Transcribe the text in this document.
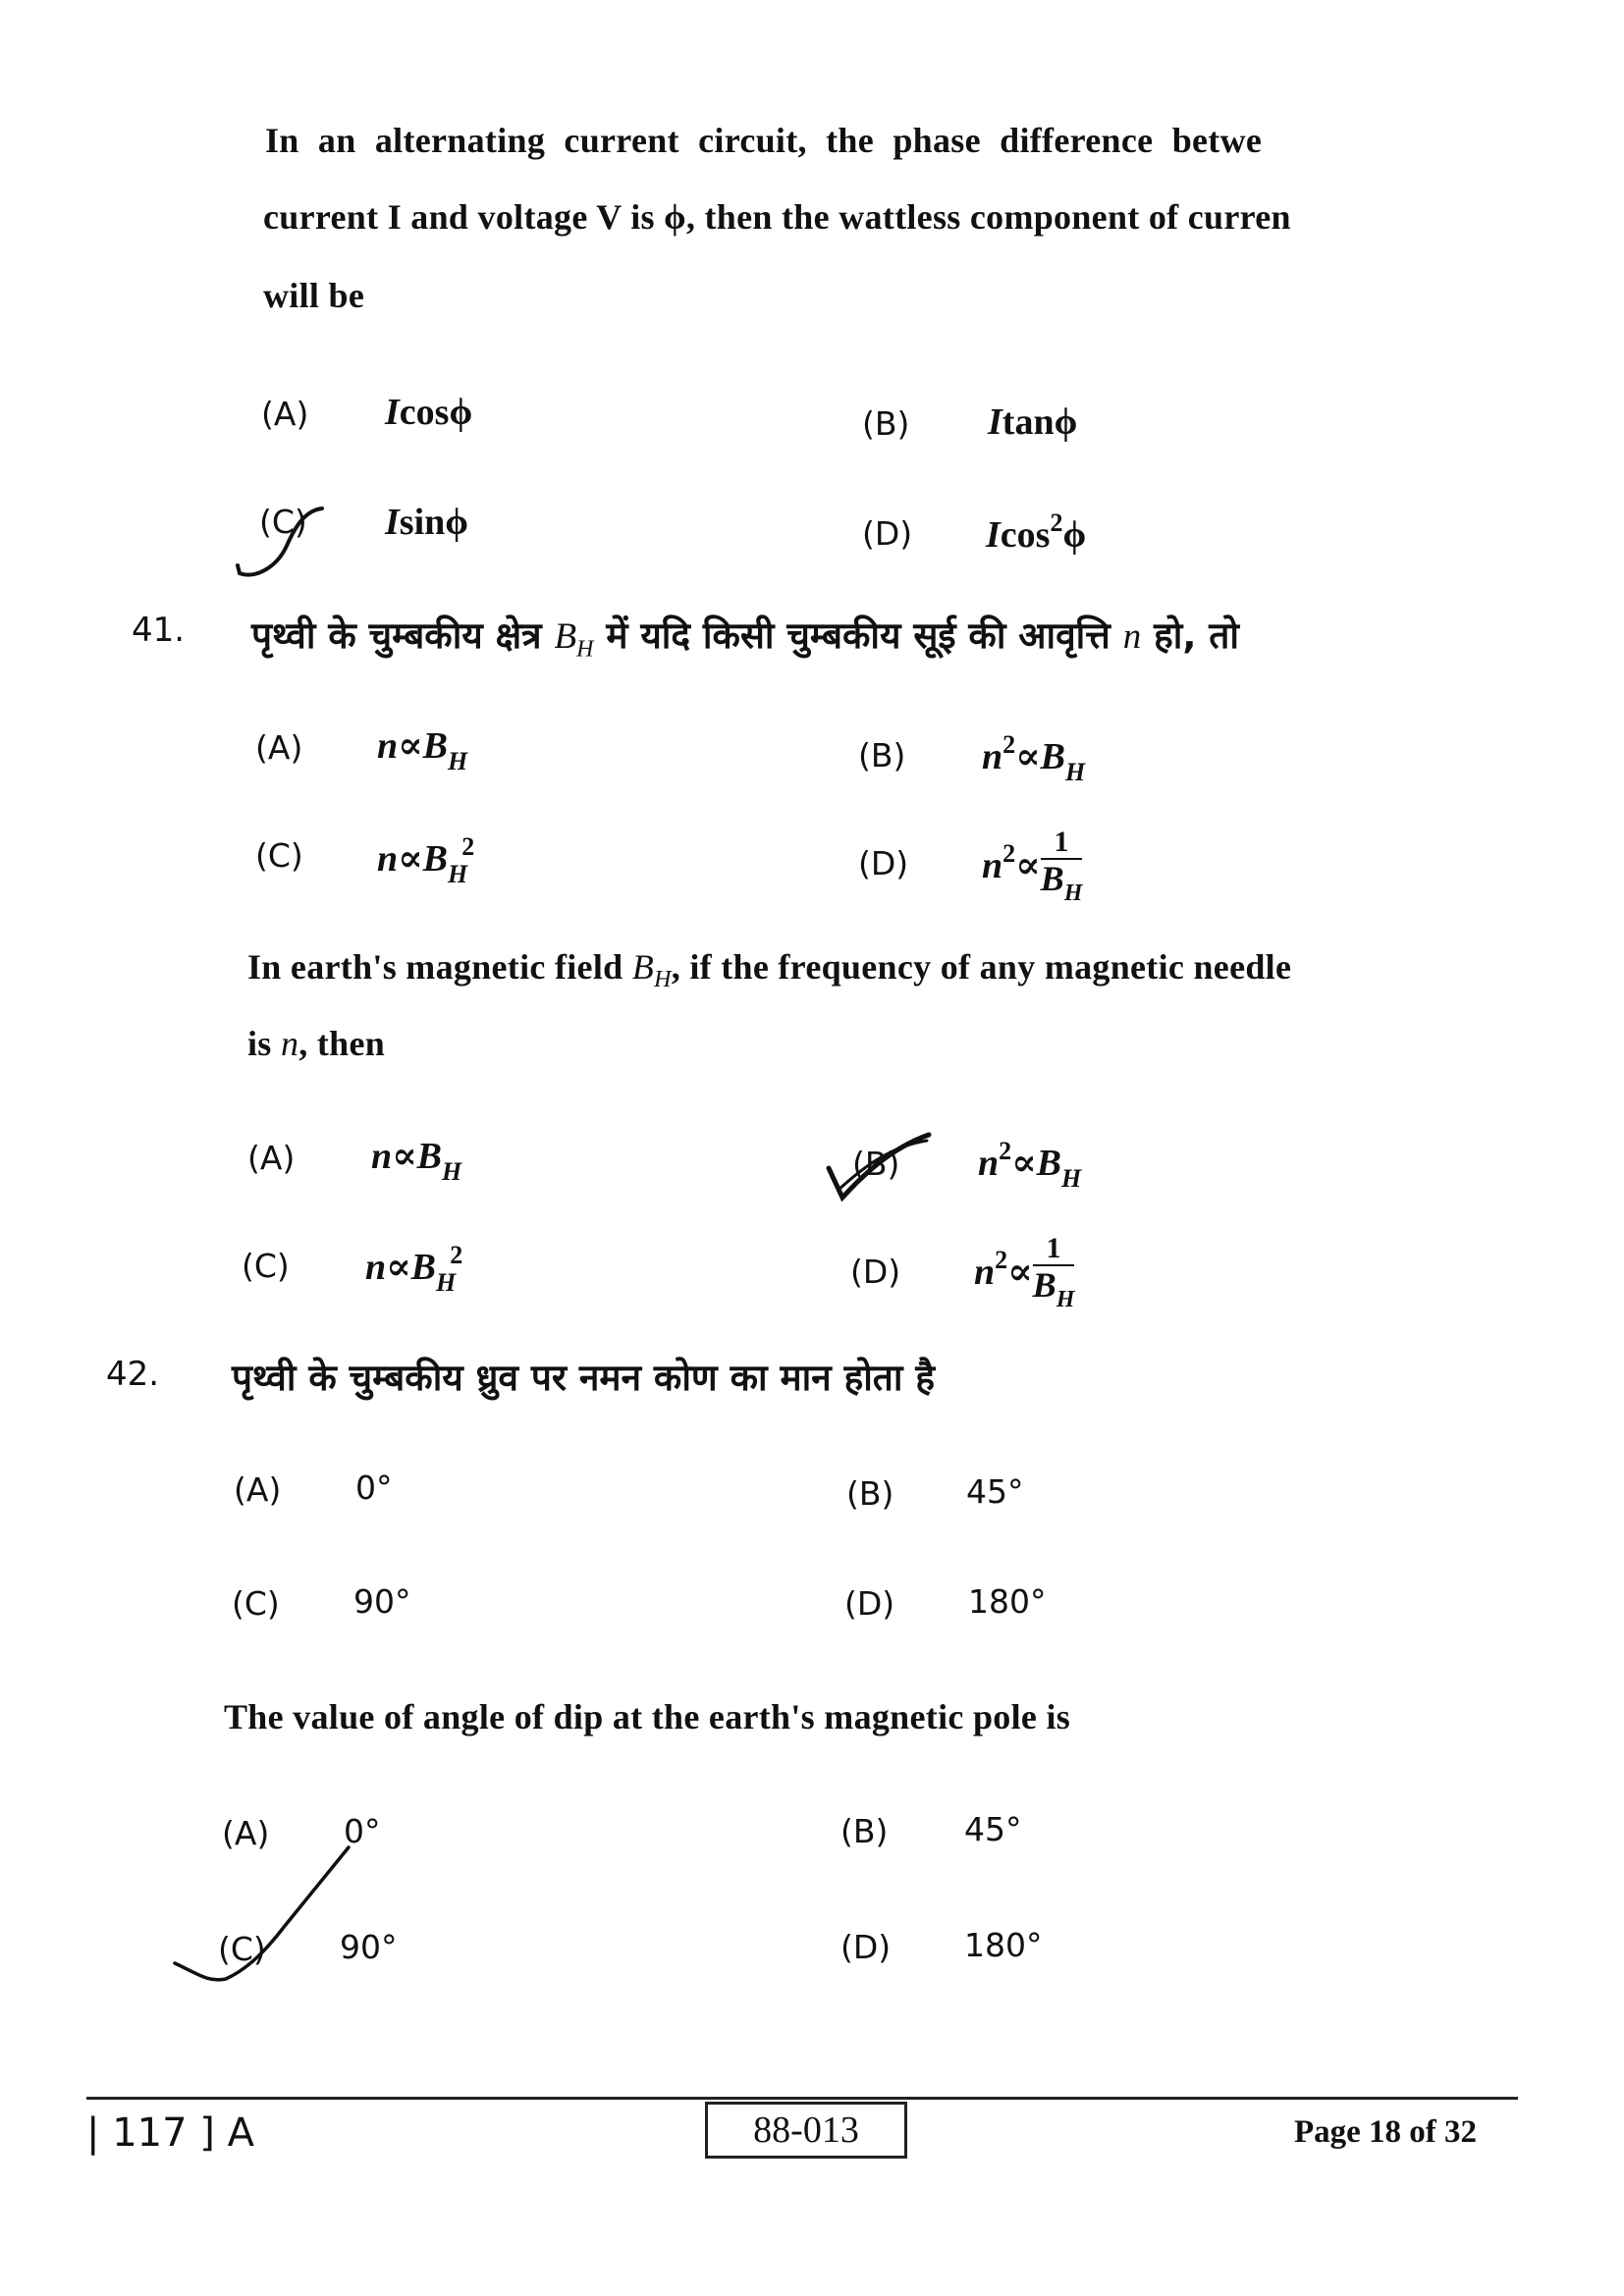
In an alternating current circuit, the phase difference betwe
current I and voltage V is ϕ, then the wattless component of curren
will be
(A) Icosϕ	(B) Itanϕ
(C) Isinϕ	(D) Icos$^2$ϕ
41. पृथ्वी के चुम्बकीय क्षेत्र $B_H$ में यदि किसी चुम्बकीय सूई की आवृत्ति n हो, तो
(A) $n\propto B_H$	(B) $n^2\propto B_H$
(C) $n\propto B_H^2$	(D) $n^2\propto \frac{1}{B_H}$
In earth's magnetic field $B_H$, if the frequency of any magnetic needle
is n, then
(A) $n\propto B_H$	(B) $n^2\propto B_H$
(C) $n\propto B_H^2$	(D) $n^2\propto \frac{1}{B_H}$
42. पृथ्वी के चुम्बकीय ध्रुव पर नमन कोण का मान होता है
(A) 0°	(B) 45°
(C) 90°	(D) 180°
The value of angle of dip at the earth's magnetic pole is
(A) 0°	(B) 45°
(C) 90°	(D) 180°
| 117 ] A	88-013	Page 18 of 32
